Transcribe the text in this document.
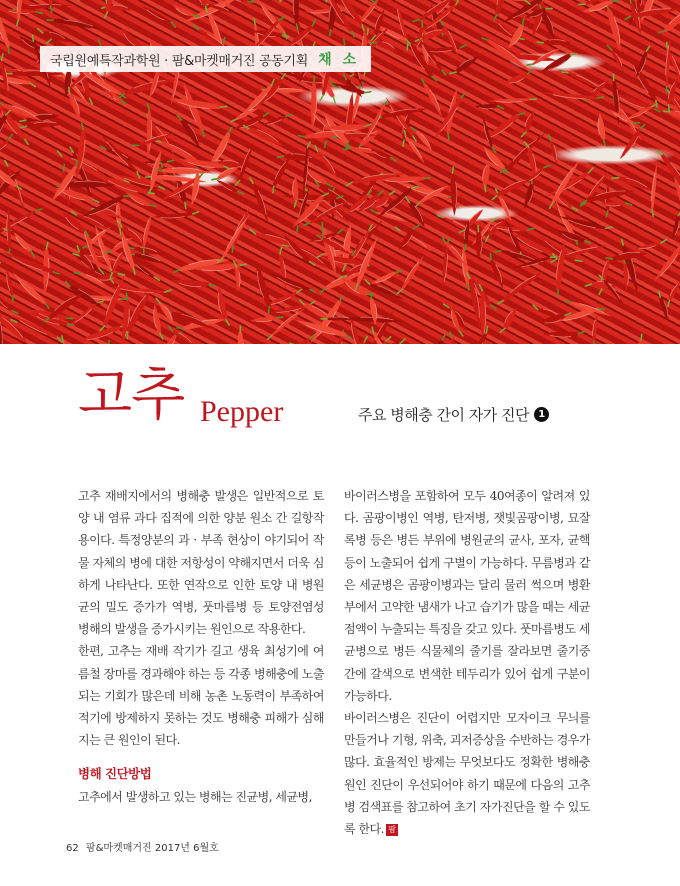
국립원예특작과학원 · 팜&마켓매거진 공동기획 채 소
고추 Pepper	주요 병해충 간이 자가 진단 1

고추 재배지에서의 병해충 발생은 일반적으로 토양 내 염류 과다 집적에 의한 양분 원소 간 길항작용이다. 특정양분의 과 · 부족 현상이 야기되어 작물 자체의 병에 대한 저항성이 약해지면서 더욱 심하게 나타난다. 또한 연작으로 인한 토양 내 병원균의 밀도 증가가 역병, 풋마름병 등 토양전염성 병해의 발생을 증가시키는 원인으로 작용한다.

한편, 고추는 재배 작기가 길고 생육 최성기에 여름철 장마를 경과해야 하는 등 각종 병해충에 노출되는 기회가 많은데 비해 농촌 노동력이 부족하여 적기에 방제하지 못하는 것도 병해충 피해가 심해지는 큰 원인이 된다.

병해 진단방법

고추에서 발생하고 있는 병해는 진균병, 세균병,

바이러스병을 포함하여 모두 40여종이 알려져 있다. 곰팡이병인 역병, 탄저병, 잿빛곰팡이병, 묘잘록병 등은 병든 부위에 병원균의 균사, 포자, 균핵 등이 노출되어 쉽게 구별이 가능하다. 무름병과 같은 세균병은 곰팡이병과는 달리 물러 썩으며 병환부에서 고약한 냄새가 나고 습기가 많을 때는 세균점액이 누출되는 특징을 갖고 있다. 풋마름병도 세균병으로 병든 식물체의 줄기를 잘라보면 줄기중간에 갈색으로 변색한 테두리가 있어 쉽게 구분이 가능하다.

바이러스병은 진단이 어렵지만 모자이크 무늬를 만들거나 기형, 위축, 괴저증상을 수반하는 경우가 많다. 효율적인 방제는 무엇보다도 정확한 병해충 원인 진단이 우선되어야 하기 때문에 다음의 고추 병 검색표를 참고하여 초기 자가진단을 할 수 있도록 한다. 팜

62 팜&마켓매거진 2017년 6월호
